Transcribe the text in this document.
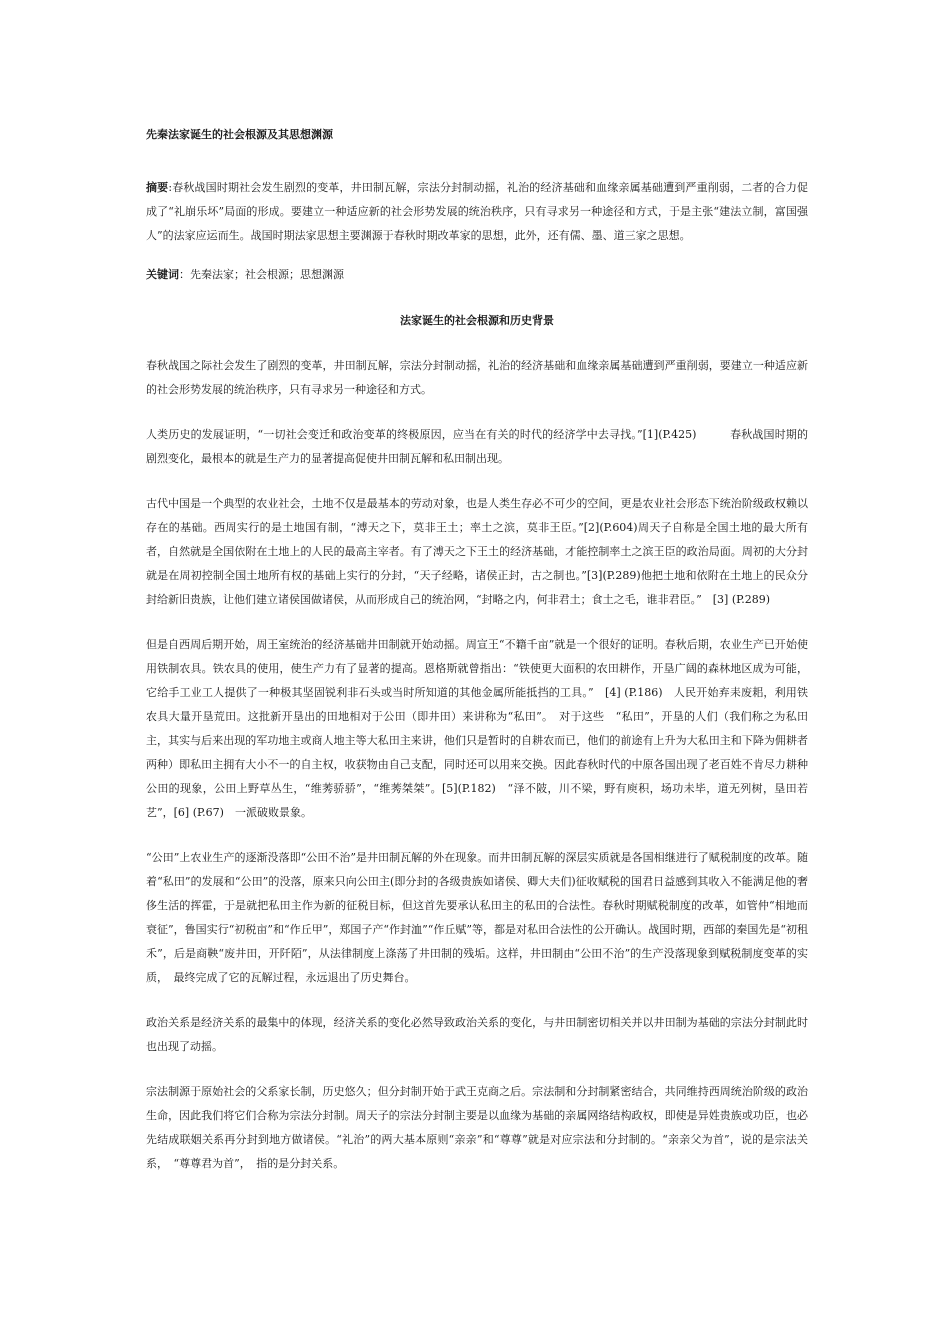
先秦法家诞生的社会根源及其思想渊源

摘要:春秋战国时期社会发生剧烈的变革，井田制瓦解，宗法分封制动摇，礼治的经济基础和血缘亲属基础遭到严重削弱，二者的合力促成了“礼崩乐坏”局面的形成。要建立一种适应新的社会形势发展的统治秩序，只有寻求另一种途径和方式，于是主张“建法立制，富国强人”的法家应运而生。战国时期法家思想主要渊源于春秋时期改革家的思想，此外，还有儒、墨、道三家之思想。

关键词：先秦法家；社会根源；思想渊源

法家诞生的社会根源和历史背景

春秋战国之际社会发生了剧烈的变革，井田制瓦解，宗法分封制动摇，礼治的经济基础和血缘亲属基础遭到严重削弱，要建立一种适应新的社会形势发展的统治秩序，只有寻求另一种途径和方式。

人类历史的发展证明，“一切社会变迁和政治变革的终极原因，应当在有关的时代的经济学中去寻找。”[1](P.425)　　　春秋战国时期的剧烈变化，最根本的就是生产力的显著提高促使井田制瓦解和私田制出现。

古代中国是一个典型的农业社会，土地不仅是最基本的劳动对象，也是人类生存必不可少的空间，更是农业社会形态下统治阶级政权赖以存在的基础。西周实行的是土地国有制，“溥天之下，莫非王土；率土之滨，莫非王臣。”[2](P.604)周天子自称是全国土地的最大所有者，自然就是全国依附在土地上的人民的最高主宰者。有了溥天之下王土的经济基础，才能控制率土之滨王臣的政治局面。周初的大分封就是在周初控制全国土地所有权的基础上实行的分封，“天子经略，诸侯正封，古之制也。”[3](P.289)他把土地和依附在土地上的民众分封给新旧贵族，让他们建立诸侯国做诸侯，从而形成自己的统治网，“封略之内，何非君土；食土之毛，谁非君臣。”　[3] (P.289)

但是自西周后期开始，周王室统治的经济基础井田制就开始动摇。周宣王“不籍千亩”就是一个很好的证明。春秋后期，农业生产已开始使用铁制农具。铁农具的使用，使生产力有了显著的提高。恩格斯就曾指出：“铁使更大面积的农田耕作，开垦广阔的森林地区成为可能，它给手工业工人提供了一种极其坚固锐利非石头或当时所知道的其他金属所能抵挡的工具。”　[4] (P.186)　人民开始弃耒废耜，利用铁农具大量开垦荒田。这批新开垦出的田地相对于公田（即井田）来讲称为“私田”。　对于这些　“私田”，开垦的人们（我们称之为私田主，其实与后来出现的军功地主或商人地主等大私田主来讲，他们只是暂时的自耕农而已，他们的前途有上升为大私田主和下降为佣耕者两种）即私田主拥有大小不一的自主权，收获物由自己支配，同时还可以用来交换。因此春秋时代的中原各国出现了老百姓不肯尽力耕种公田的现象，公田上野草丛生，“维莠骄骄”，“维莠桀桀”。[5](P.182)　“泽不陂，川不梁，野有庾积，场功未毕，道无列树，垦田若艺”，[6] (P.67)　一派破败景象。

“公田”上农业生产的逐渐没落即“公田不治”是井田制瓦解的外在现象。而井田制瓦解的深层实质就是各国相继进行了赋税制度的改革。随着“私田”的发展和“公田”的没落，原来只向公田主(即分封的各级贵族如诸侯、卿大夫们)征收赋税的国君日益感到其收入不能满足他的奢侈生活的挥霍，于是就把私田主作为新的征税目标，但这首先要承认私田主的私田的合法性。春秋时期赋税制度的改革，如管仲“相地而衰征”，鲁国实行“初税亩”和“作丘甲”，郑国子产“作封洫”“作丘赋”等，都是对私田合法性的公开确认。战国时期，西部的秦国先是“初租禾”，后是商鞅“废井田，开阡陌”，从法律制度上涤荡了井田制的残垢。这样，井田制由“公田不治”的生产没落现象到赋税制度变革的实质，　最终完成了它的瓦解过程，永远退出了历史舞台。

政治关系是经济关系的最集中的体现，经济关系的变化必然导致政治关系的变化，与井田制密切相关并以井田制为基础的宗法分封制此时也出现了动摇。

宗法制源于原始社会的父系家长制，历史悠久；但分封制开始于武王克商之后。宗法制和分封制紧密结合，共同维持西周统治阶级的政治生命，因此我们将它们合称为宗法分封制。周天子的宗法分封制主要是以血缘为基础的亲属网络结构政权，即使是异姓贵族或功臣，也必先结成联姻关系再分封到地方做诸侯。“礼治”的两大基本原则“亲亲”和“尊尊”就是对应宗法和分封制的。“亲亲父为首”，说的是宗法关系，　“尊尊君为首”，　指的是分封关系。
